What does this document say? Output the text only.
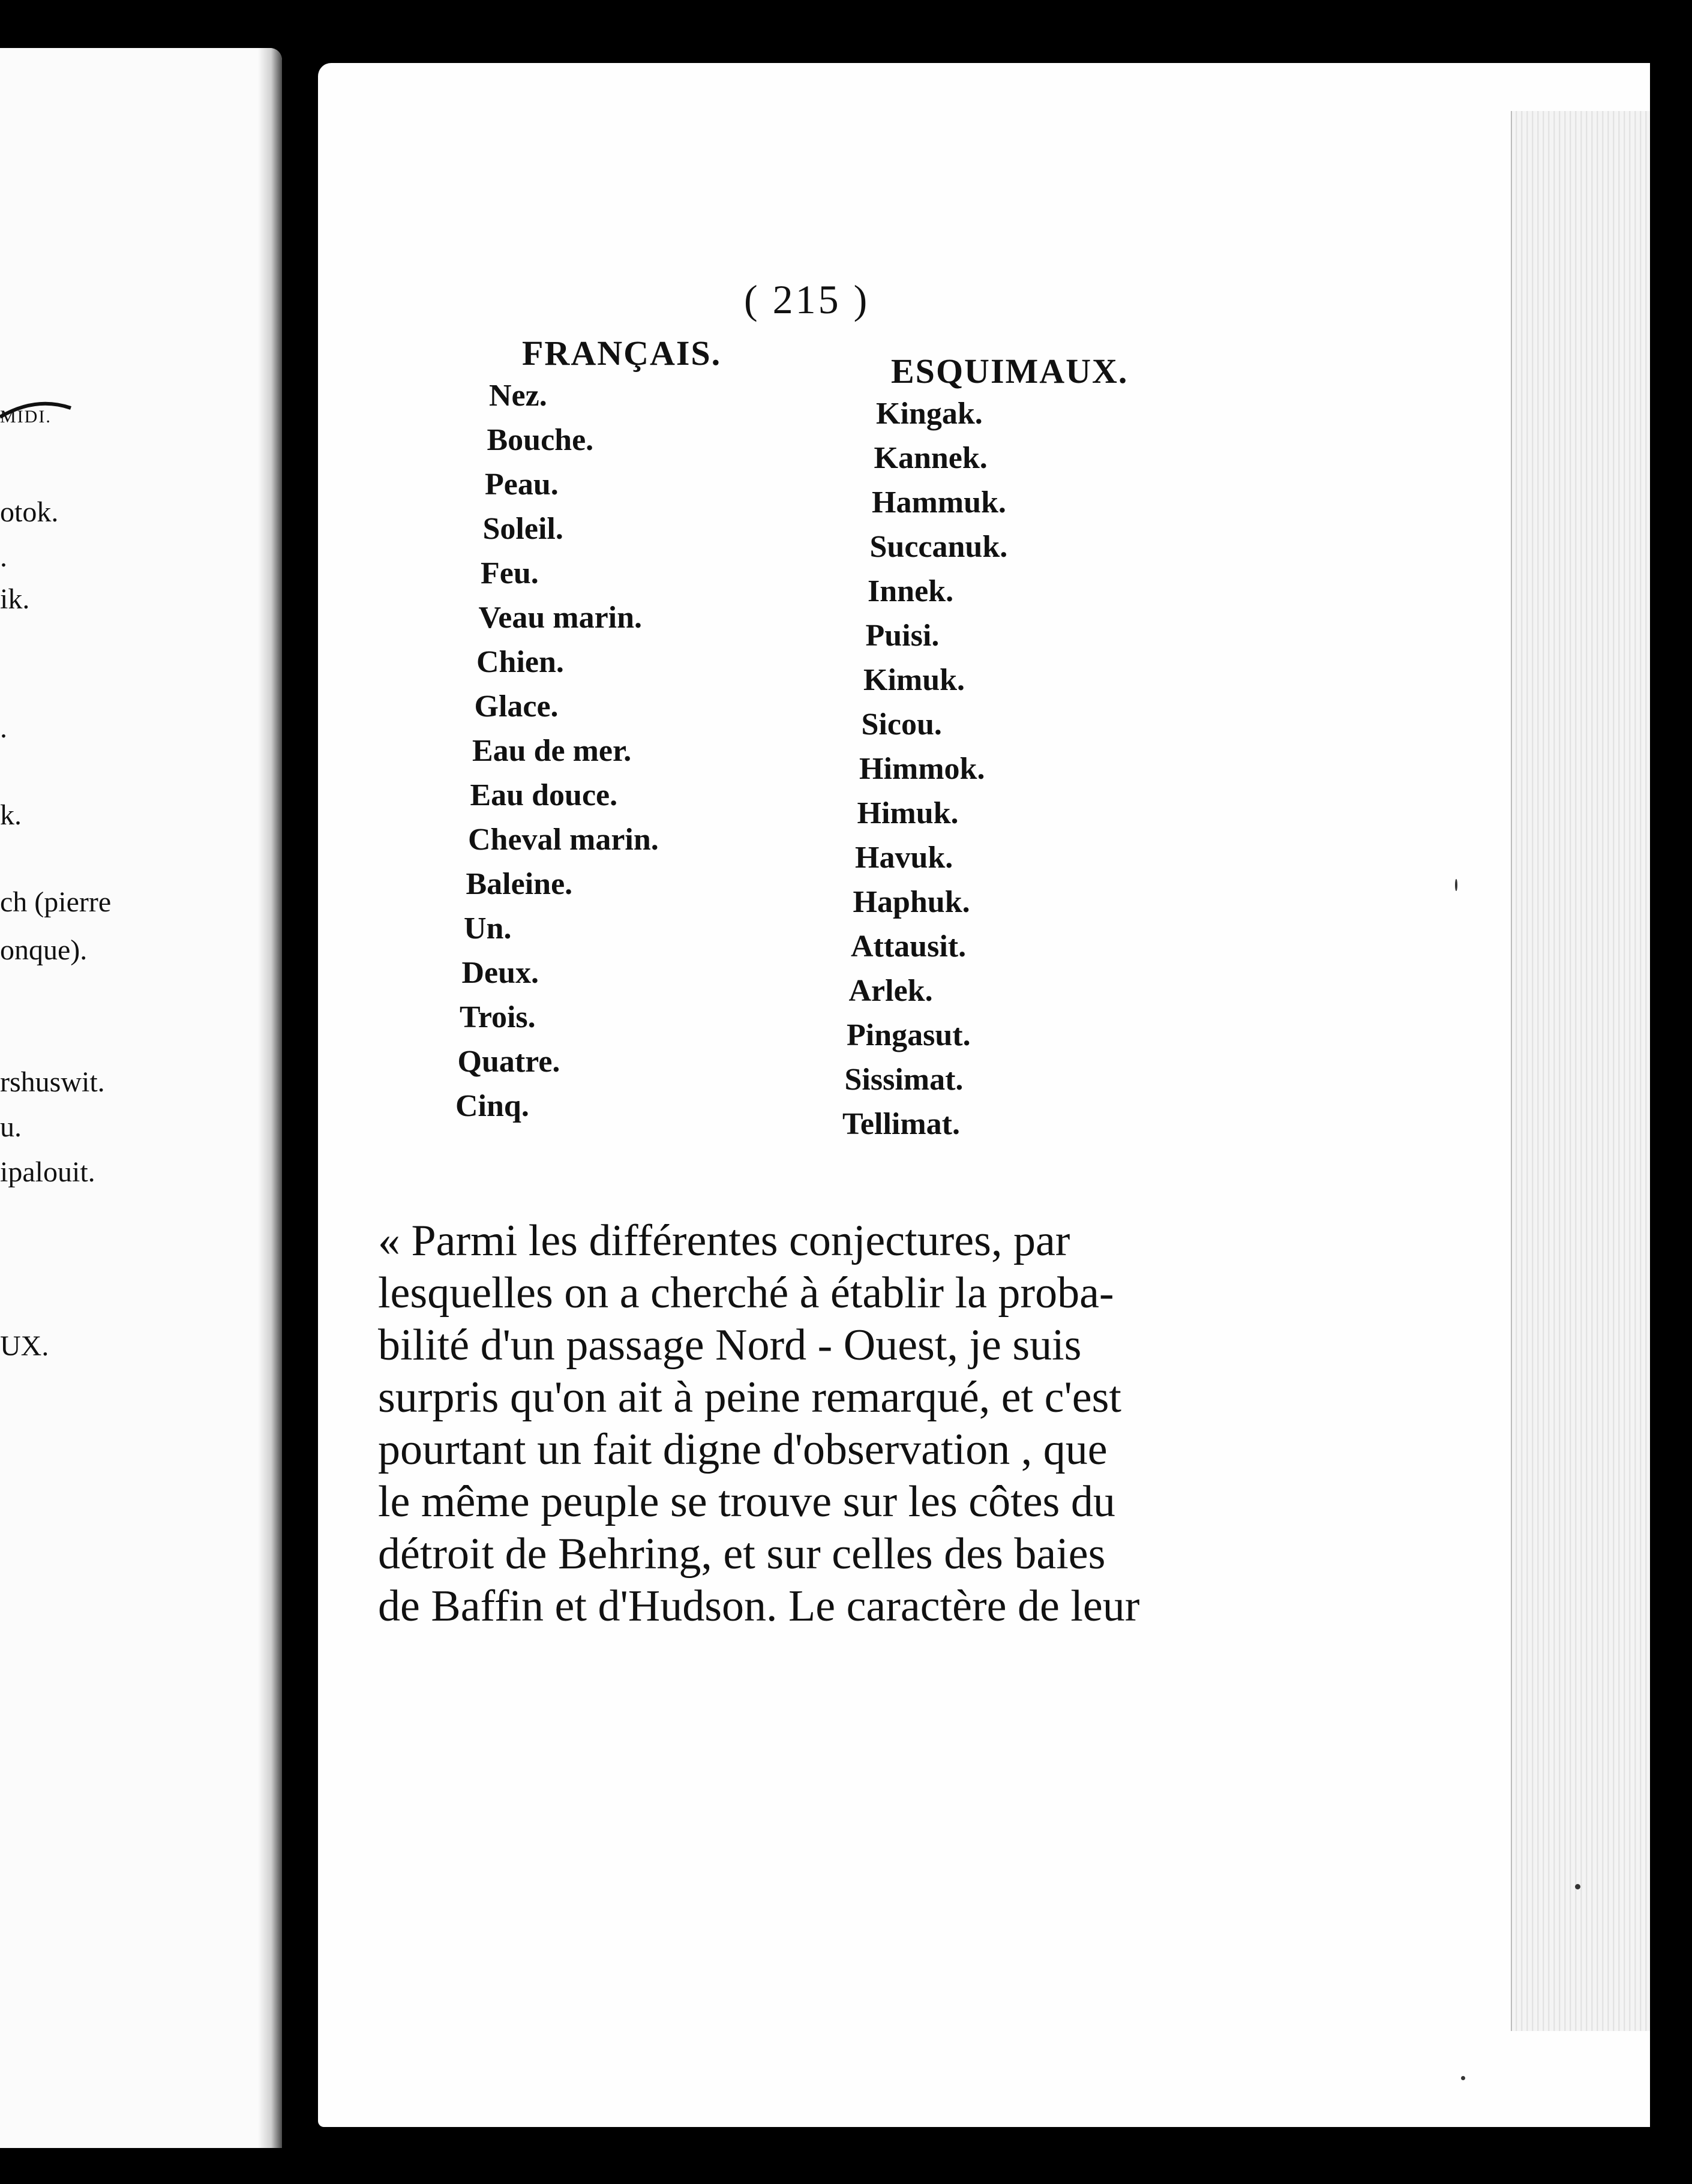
MIDI.
otok.
.
ik.
.
k.
ch (pierre
onque).
rshuswit.
u.
ipalouit.
UX.
( 215 )
FRANÇAIS.	ESQUIMAUX.
Nez.
Kingak.
Bouche.
Kannek.
Peau.
Hammuk.
Soleil.
Succanuk.
Feu.
Innek.
Veau marin.
Puisi.
Chien.
Kimuk.
Glace.
Sicou.
Eau de mer.
Himmok.
Eau douce.
Himuk.
Cheval marin.
Havuk.
Baleine.
Haphuk.
Un.
Attausit.
Deux.
Arlek.
Trois.
Pingasut.
Quatre.
Sissimat.
Cinq.
Tellimat.
« Parmi les différentes conjectures, par
lesquelles on a cherché à établir la proba-
bilité d'un passage Nord - Ouest, je suis
surpris qu'on ait à peine remarqué, et c'est
pourtant un fait digne d'observation , que
le même peuple se trouve sur les côtes du
détroit de Behring, et sur celles des baies
de Baffin et d'Hudson. Le caractère de leur
